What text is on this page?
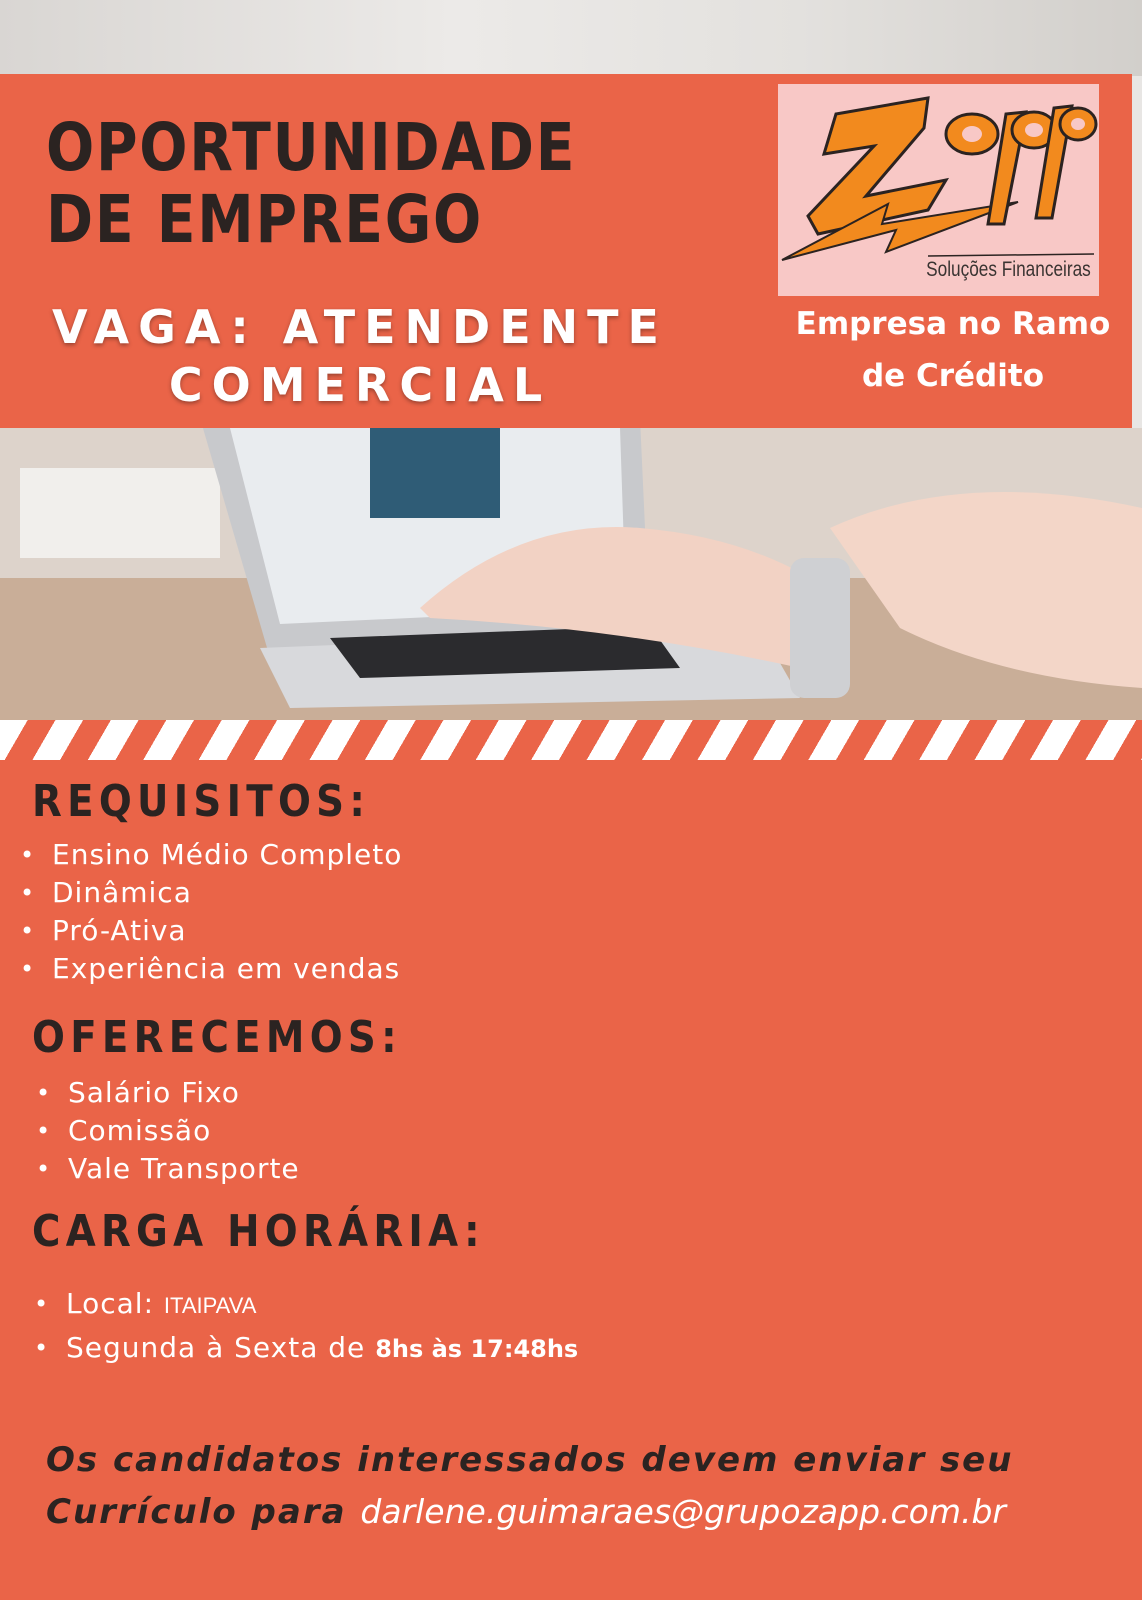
OPORTUNIDADE
DE EMPREGO
VAGA: ATENDENTE
COMERCIAL
Soluções Financeiras
Empresa no Ramo
de Crédito
REQUISITOS:
• Ensino Médio Completo
• Dinâmica
• Pró-Ativa
• Experiência em vendas
OFERECEMOS:
• Salário Fixo
• Comissão
• Vale Transporte
CARGA HORÁRIA:
• Local: ITAIPAVA
• Segunda à Sexta de 8hs às 17:48hs
Os candidatos interessados devem enviar seu
Currículo para darlene.guimaraes@grupozapp.com.br
